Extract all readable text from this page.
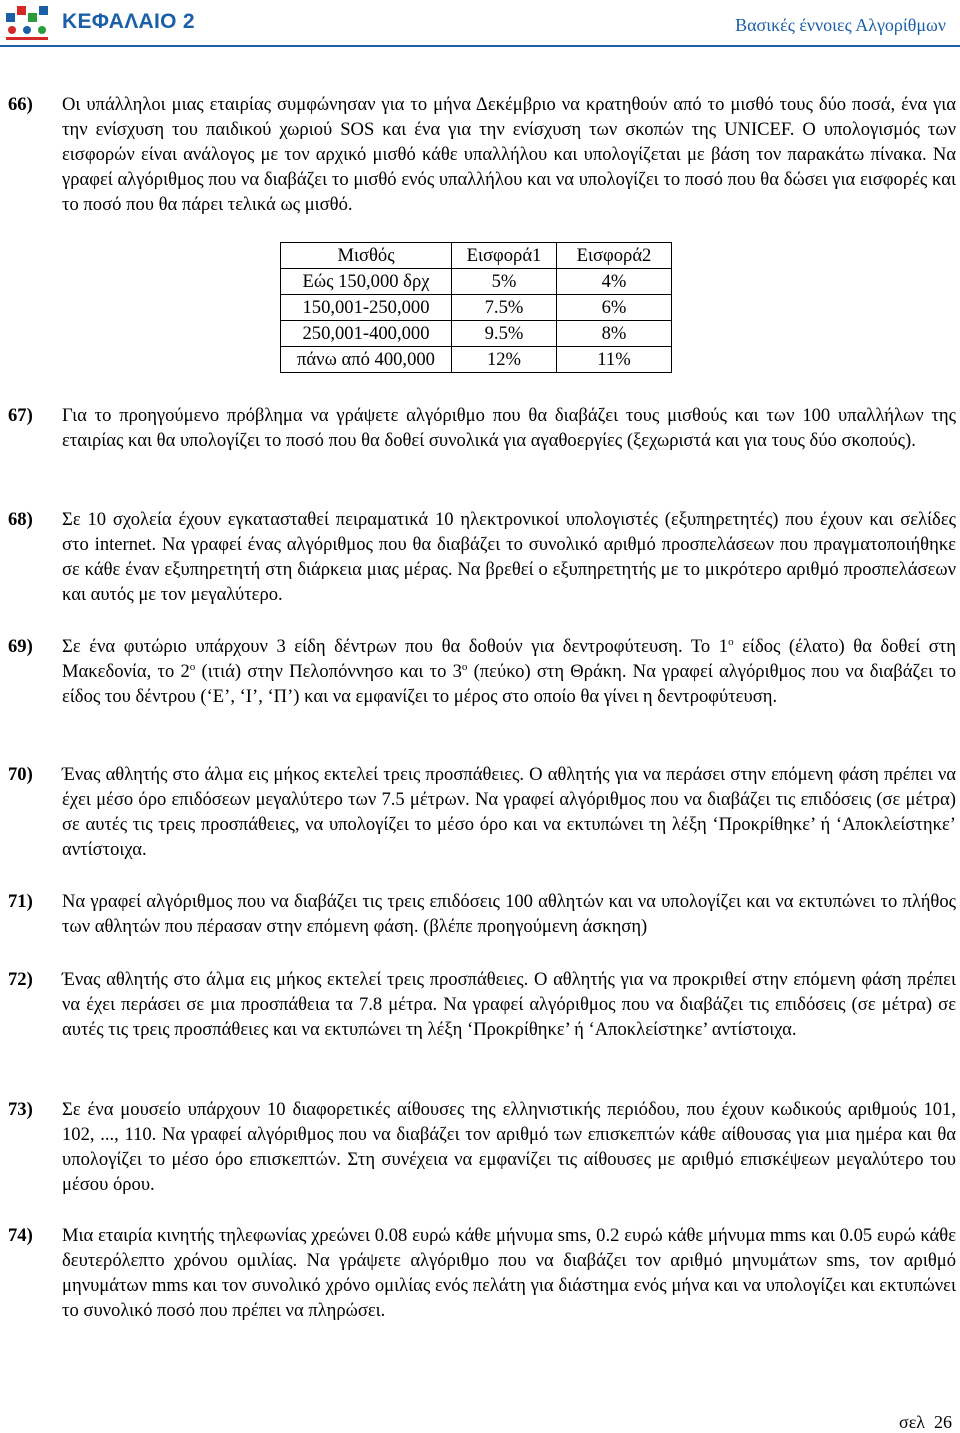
ΚΕΦΑΛΑΙΟ 2	Βασικές έννοιες Αλγορίθμων
66)	Οι υπάλληλοι μιας εταιρίας συμφώνησαν για το μήνα Δεκέμβριο να κρατηθούν από το μισθό τους δύο ποσά, ένα για την ενίσχυση του παιδικού χωριού SOS και ένα για την ενίσχυση των σκοπών της UNICEF. Ο υπολογισμός των εισφορών είναι ανάλογος με τον αρχικό μισθό κάθε υπαλλήλου και υπολογίζεται με βάση τον παρακάτω πίνακα. Να γραφεί αλγόριθμος που να διαβάζει το μισθό ενός υπαλλήλου και να υπολογίζει το ποσό που θα δώσει για εισφορές και το ποσό που θα πάρει τελικά ως μισθό.
Μισθός	Εισφορά1	Εισφορά2
Εώς 150,000 δρχ	5%	4%
150,001-250,000	7.5%	6%
250,001-400,000	9.5%	8%
πάνω από 400,000	12%	11%
67)	Για το προηγούμενο πρόβλημα να γράψετε αλγόριθμο που θα διαβάζει τους μισθούς και των 100 υπαλλήλων της εταιρίας και θα υπολογίζει το ποσό που θα δοθεί συνολικά για αγαθοεργίες (ξεχωριστά και για τους δύο σκοπούς).
68)	Σε 10 σχολεία έχουν εγκατασταθεί πειραματικά 10 ηλεκτρονικοί υπολογιστές (εξυπηρετητές) που έχουν και σελίδες στο internet. Να γραφεί ένας αλγόριθμος που θα διαβάζει το συνολικό αριθμό προσπελάσεων που πραγματοποιήθηκε σε κάθε έναν εξυπηρετητή στη διάρκεια μιας μέρας. Να βρεθεί ο εξυπηρετητής με το μικρότερο αριθμό προσπελάσεων και αυτός με τον μεγαλύτερο.
69)	Σε ένα φυτώριο υπάρχουν 3 είδη δέντρων που θα δοθούν για δεντροφύτευση. Το $1^o$ είδος (έλατο) θα δοθεί στη Μακεδονία, το $2^o$ (ιτιά) στην Πελοπόννησο και το $3^o$ (πεύκο) στη Θράκη. Να γραφεί αλγόριθμος που να διαβάζει το είδος του δέντρου (‘Ε’, ‘Ι’, ‘Π’) και να εμφανίζει το μέρος στο οποίο θα γίνει η δεντροφύτευση.
70)	Ένας αθλητής στο άλμα εις μήκος εκτελεί τρεις προσπάθειες. Ο αθλητής για να περάσει στην επόμενη φάση πρέπει να έχει μέσο όρο επιδόσεων μεγαλύτερο των 7.5 μέτρων. Να γραφεί αλγόριθμος που να διαβάζει τις επιδόσεις (σε μέτρα) σε αυτές τις τρεις προσπάθειες, να υπολογίζει το μέσο όρο και να εκτυπώνει τη λέξη ‘Προκρίθηκε’ ή ‘Αποκλείστηκε’ αντίστοιχα.
71)	Να γραφεί αλγόριθμος που να διαβάζει τις τρεις επιδόσεις 100 αθλητών και να υπολογίζει και να εκτυπώνει το πλήθος των αθλητών που πέρασαν στην επόμενη φάση. (βλέπε προηγούμενη άσκηση)
72)	Ένας αθλητής στο άλμα εις μήκος εκτελεί τρεις προσπάθειες. Ο αθλητής για να προκριθεί στην επόμενη φάση πρέπει να έχει περάσει σε μια προσπάθεια τα 7.8 μέτρα. Να γραφεί αλγόριθμος που να διαβάζει τις επιδόσεις (σε μέτρα) σε αυτές τις τρεις προσπάθειες και να εκτυπώνει τη λέξη ‘Προκρίθηκε’ ή ‘Αποκλείστηκε’ αντίστοιχα.
73)	Σε ένα μουσείο υπάρχουν 10 διαφορετικές αίθουσες της ελληνιστικής περιόδου, που έχουν κωδικούς αριθμούς 101, 102, ..., 110. Να γραφεί αλγόριθμος που να διαβάζει τον αριθμό των επισκεπτών κάθε αίθουσας για μια ημέρα και θα υπολογίζει το μέσο όρο επισκεπτών. Στη συνέχεια να εμφανίζει τις αίθουσες με αριθμό επισκέψεων μεγαλύτερο του μέσου όρου.
74)	Μια εταιρία κινητής τηλεφωνίας χρεώνει 0.08 ευρώ κάθε μήνυμα sms, 0.2 ευρώ κάθε μήνυμα mms και 0.05 ευρώ κάθε δευτερόλεπτο χρόνου ομιλίας. Να γράψετε αλγόριθμο που να διαβάζει τον αριθμό μηνυμάτων sms, τον αριθμό μηνυμάτων mms και τον συνολικό χρόνο ομιλίας ενός πελάτη για διάστημα ενός μήνα και να υπολογίζει και εκτυπώνει το συνολικό ποσό που πρέπει να πληρώσει.
σελ 26
